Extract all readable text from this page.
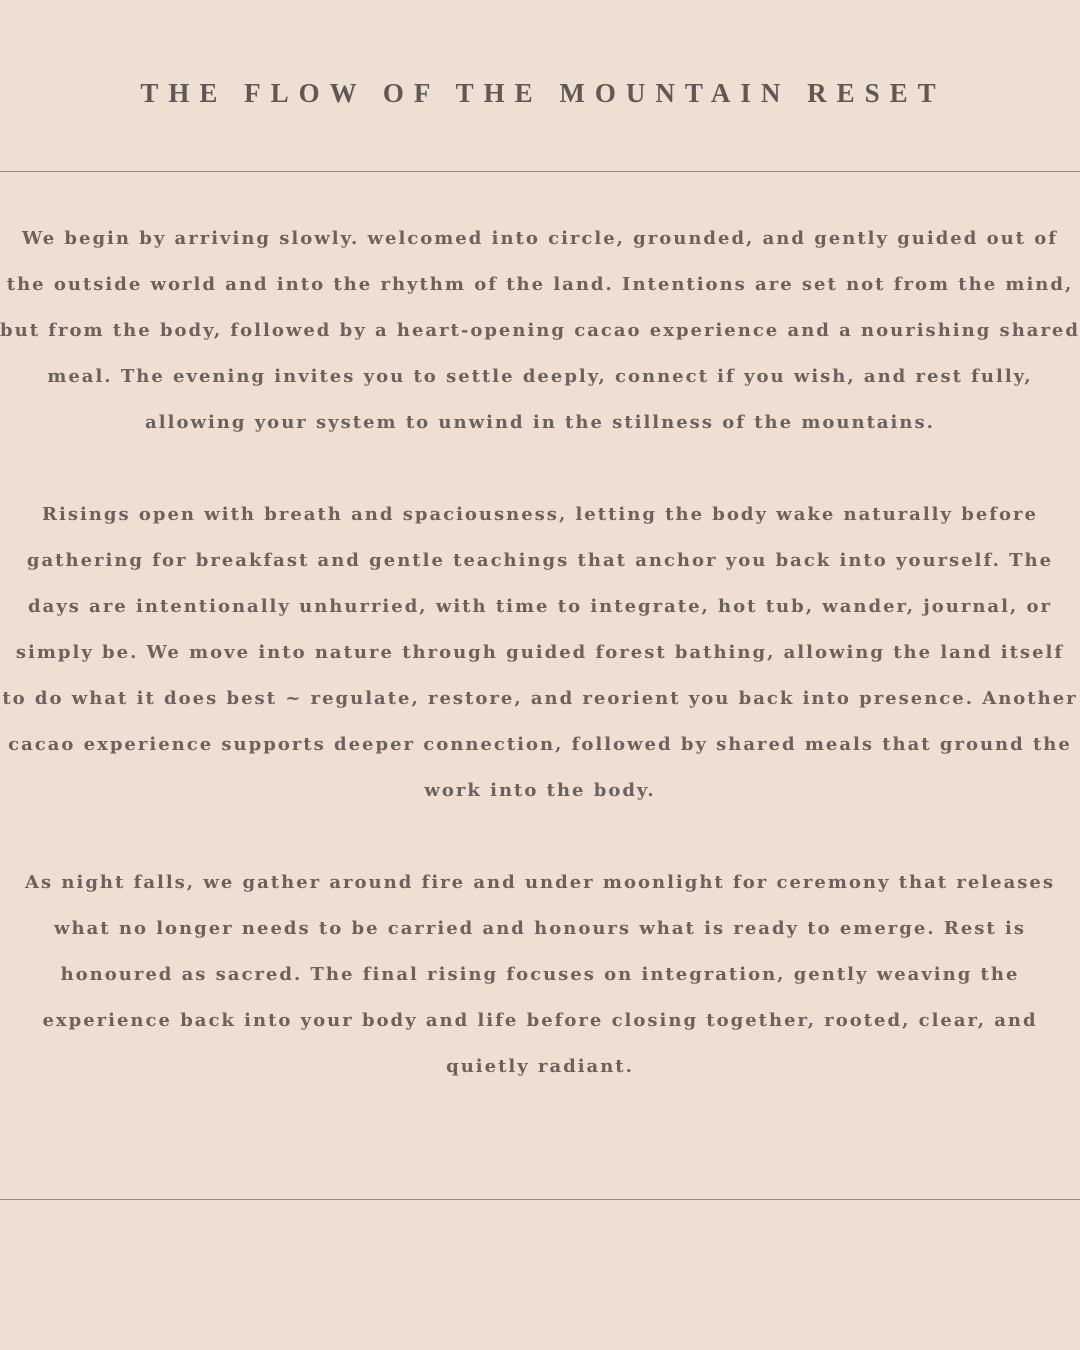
THE FLOW OF THE MOUNTAIN RESET

We begin by arriving slowly. welcomed into circle, grounded, and gently guided out of the outside world and into the rhythm of the land. Intentions are set not from the mind, but from the body, followed by a heart-opening cacao experience and a nourishing shared meal. The evening invites you to settle deeply, connect if you wish, and rest fully, allowing your system to unwind in the stillness of the mountains.

Risings open with breath and spaciousness, letting the body wake naturally before gathering for breakfast and gentle teachings that anchor you back into yourself. The days are intentionally unhurried, with time to integrate, hot tub, wander, journal, or simply be. We move into nature through guided forest bathing, allowing the land itself to do what it does best ~ regulate, restore, and reorient you back into presence. Another cacao experience supports deeper connection, followed by shared meals that ground the work into the body.

As night falls, we gather around fire and under moonlight for ceremony that releases what no longer needs to be carried and honours what is ready to emerge. Rest is honoured as sacred. The final rising focuses on integration, gently weaving the experience back into your body and life before closing together, rooted, clear, and quietly radiant.
